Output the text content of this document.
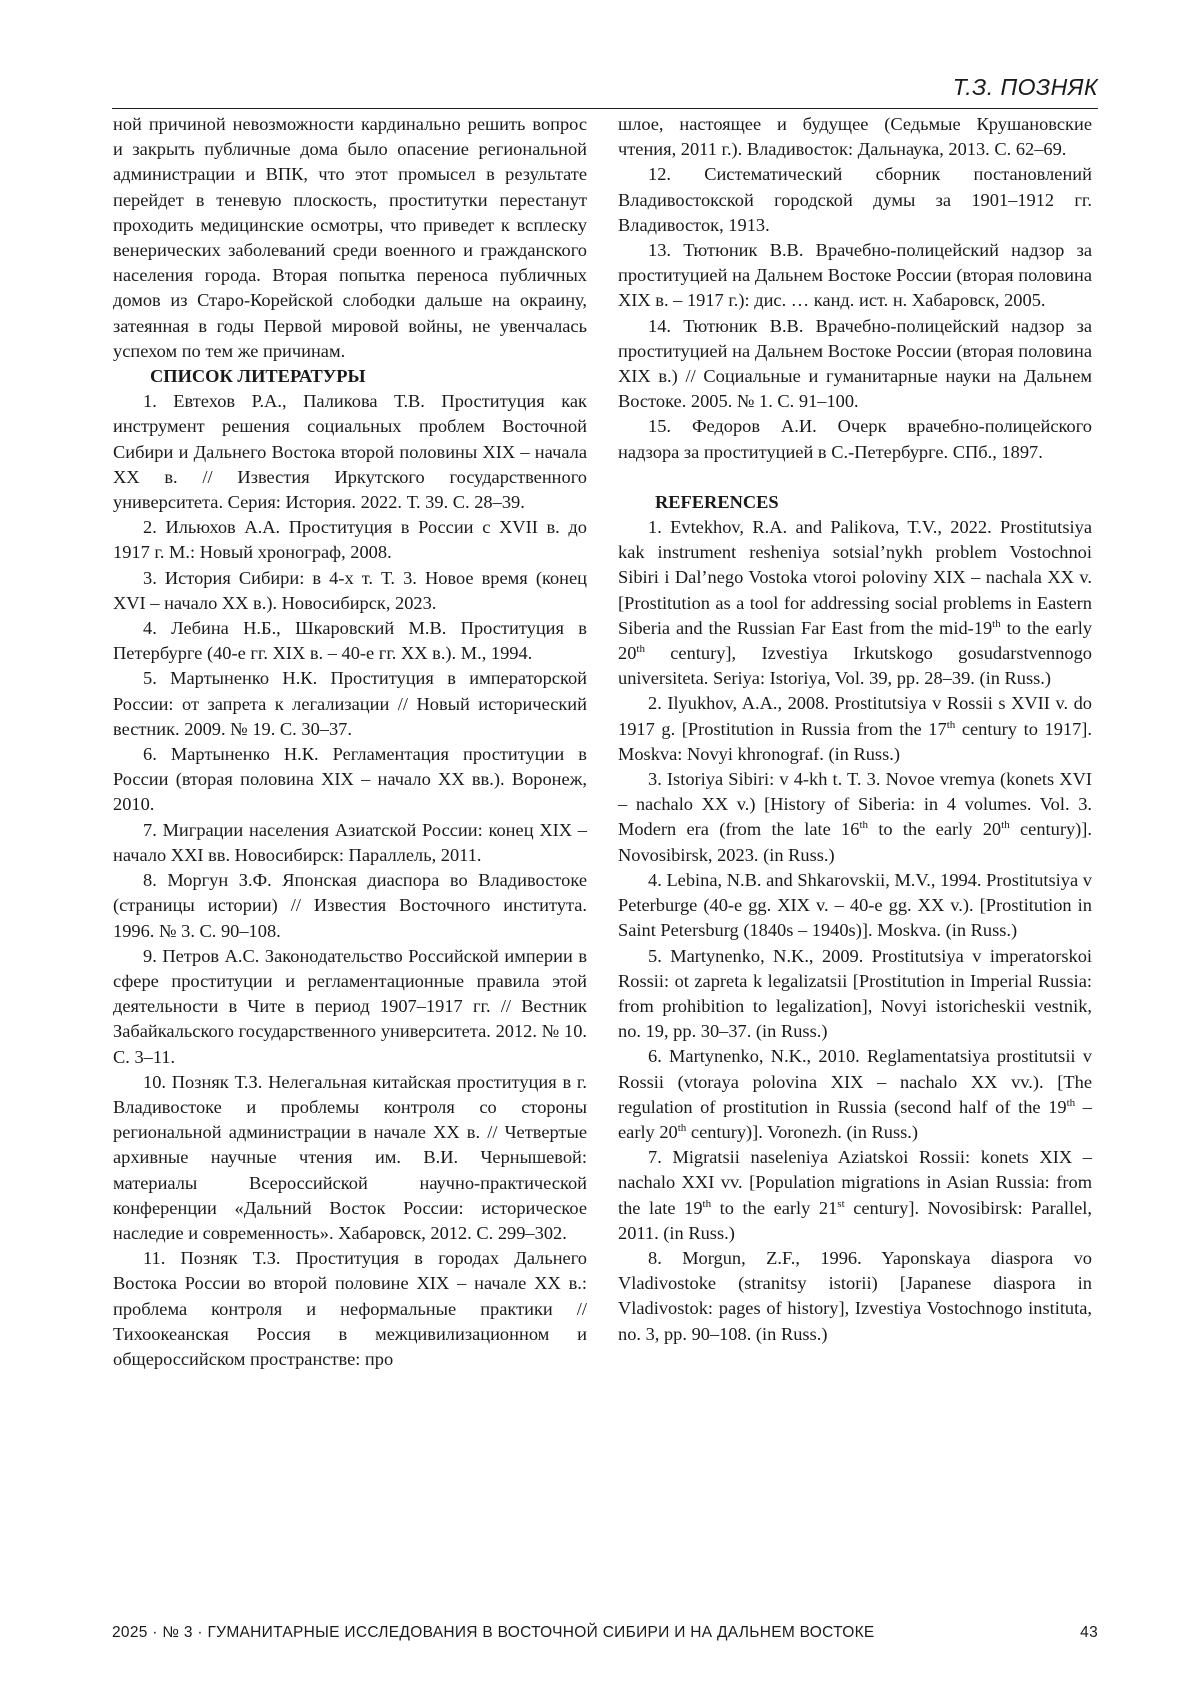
Т.З. ПОЗНЯК

ной причиной невозможности кардинально решить вопрос и закрыть публичные дома было опасение региональной администрации и ВПК, что этот промысел в результате перейдет в теневую плоскость, проститутки перестанут проходить медицинские осмотры, что приведет к всплеску венерических заболеваний среди военного и гражданского населения города. Вторая попытка переноса публичных домов из Старо-Корейской слободки дальше на окраину, затеянная в годы Первой мировой войны, не увенчалась успехом по тем же причинам.

СПИСОК ЛИТЕРАТУРЫ

1. Евтехов Р.А., Паликова Т.В. Проституция как инструмент решения социальных проблем Восточной Сибири и Дальнего Востока второй половины XIX – начала XX в. // Известия Иркутского государственного университета. Серия: История. 2022. Т. 39. С. 28–39.

2. Ильюхов А.А. Проституция в России с XVII в. до 1917 г. М.: Новый хронограф, 2008.

3. История Сибири: в 4-х т. Т. 3. Новое время (конец XVI – начало XX в.). Новосибирск, 2023.

4. Лебина Н.Б., Шкаровский М.В. Проституция в Петербурге (40-е гг. XIX в. – 40-е гг. XX в.). М., 1994.

5. Мартыненко Н.К. Проституция в императорской России: от запрета к легализации // Новый исторический вестник. 2009. № 19. С. 30–37.

6. Мартыненко Н.К. Регламентация проституции в России (вторая половина XIX – начало XX вв.). Воронеж, 2010.

7. Миграции населения Азиатской России: конец XIX – начало XXI вв. Новосибирск: Параллель, 2011.

8. Моргун З.Ф. Японская диаспора во Владивостоке (страницы истории) // Известия Восточного института. 1996. № 3. С. 90–108.

9. Петров А.С. Законодательство Российской империи в сфере проституции и регламентационные правила этой деятельности в Чите в период 1907–1917 гг. // Вестник Забайкальского государственного университета. 2012. № 10. С. 3–11.

10. Позняк Т.З. Нелегальная китайская проституция в г. Владивостоке и проблемы контроля со стороны региональной администрации в начале XX в. // Четвертые архивные научные чтения им. В.И. Чернышевой: материалы Всероссийской научно-практической конференции «Дальний Восток России: историческое наследие и современность». Хабаровск, 2012. С. 299–302.

11. Позняк Т.З. Проституция в городах Дальнего Востока России во второй половине XIX – начале XX в.: проблема контроля и неформальные практики // Тихоокеанская Россия в межцивилизационном и общероссийском пространстве: про

шлое, настоящее и будущее (Седьмые Крушановские чтения, 2011 г.). Владивосток: Дальнаука, 2013. С. 62–69.

12. Систематический сборник постановлений Владивостокской городской думы за 1901–1912 гг. Владивосток, 1913.

13. Тютюник В.В. Врачебно-полицейский надзор за проституцией на Дальнем Востоке России (вторая половина XIX в. – 1917 г.): дис. … канд. ист. н. Хабаровск, 2005.

14. Тютюник В.В. Врачебно-полицейский надзор за проституцией на Дальнем Востоке России (вторая половина XIX в.) // Социальные и гуманитарные науки на Дальнем Востоке. 2005. № 1. С. 91–100.

15. Федоров А.И. Очерк врачебно-полицейского надзора за проституцией в С.-Петербурге. СПб., 1897.

REFERENCES

1. Evtekhov, R.A. and Palikova, T.V., 2022. Prostitutsiya kak instrument resheniya sotsial’nykh problem Vostochnoi Sibiri i Dal’nego Vostoka vtoroi poloviny XIX – nachala XX v. [Prostitution as a tool for addressing social problems in Eastern Siberia and the Russian Far East from the mid-19th to the early 20th century], Izvestiya Irkutskogo gosudarstvennogo universiteta. Seriya: Istoriya, Vol. 39, pp. 28–39. (in Russ.)

2. Ilyukhov, A.A., 2008. Prostitutsiya v Rossii s XVII v. do 1917 g. [Prostitution in Russia from the 17th century to 1917]. Moskva: Novyi khronograf. (in Russ.)

3. Istoriya Sibiri: v 4-kh t. T. 3. Novoe vremya (konets XVI – nachalo XX v.) [History of Siberia: in 4 volumes. Vol. 3. Modern era (from the late 16th to the early 20th century)]. Novosibirsk, 2023. (in Russ.)

4. Lebina, N.B. and Shkarovskii, M.V., 1994. Prostitutsiya v Peterburge (40-e gg. XIX v. – 40-e gg. XX v.). [Prostitution in Saint Petersburg (1840s – 1940s)]. Moskva. (in Russ.)

5. Martynenko, N.K., 2009. Prostitutsiya v imperatorskoi Rossii: ot zapreta k legalizatsii [Prostitution in Imperial Russia: from prohibition to legalization], Novyi istoricheskii vestnik, no. 19, pp. 30–37. (in Russ.)

6. Martynenko, N.K., 2010. Reglamentatsiya prostitutsii v Rossii (vtoraya polovina XIX – nachalo XX vv.). [The regulation of prostitution in Russia (second half of the 19th – early 20th century)]. Voronezh. (in Russ.)

7. Migratsii naseleniya Aziatskoi Rossii: konets XIX – nachalo XXI vv. [Population migrations in Asian Russia: from the late 19th to the early 21st century]. Novosibirsk: Parallel, 2011. (in Russ.)

8. Morgun, Z.F., 1996. Yaponskaya diaspora vo Vladivostoke (stranitsy istorii) [Japanese diaspora in Vladivostok: pages of history], Izvestiya Vostochnogo instituta, no. 3, pp. 90–108. (in Russ.)

2025 · № 3 · ГУМАНИТАРНЫЕ ИССЛЕДОВАНИЯ В ВОСТОЧНОЙ СИБИРИ И НА ДАЛЬНЕМ ВОСТОКЕ	43
